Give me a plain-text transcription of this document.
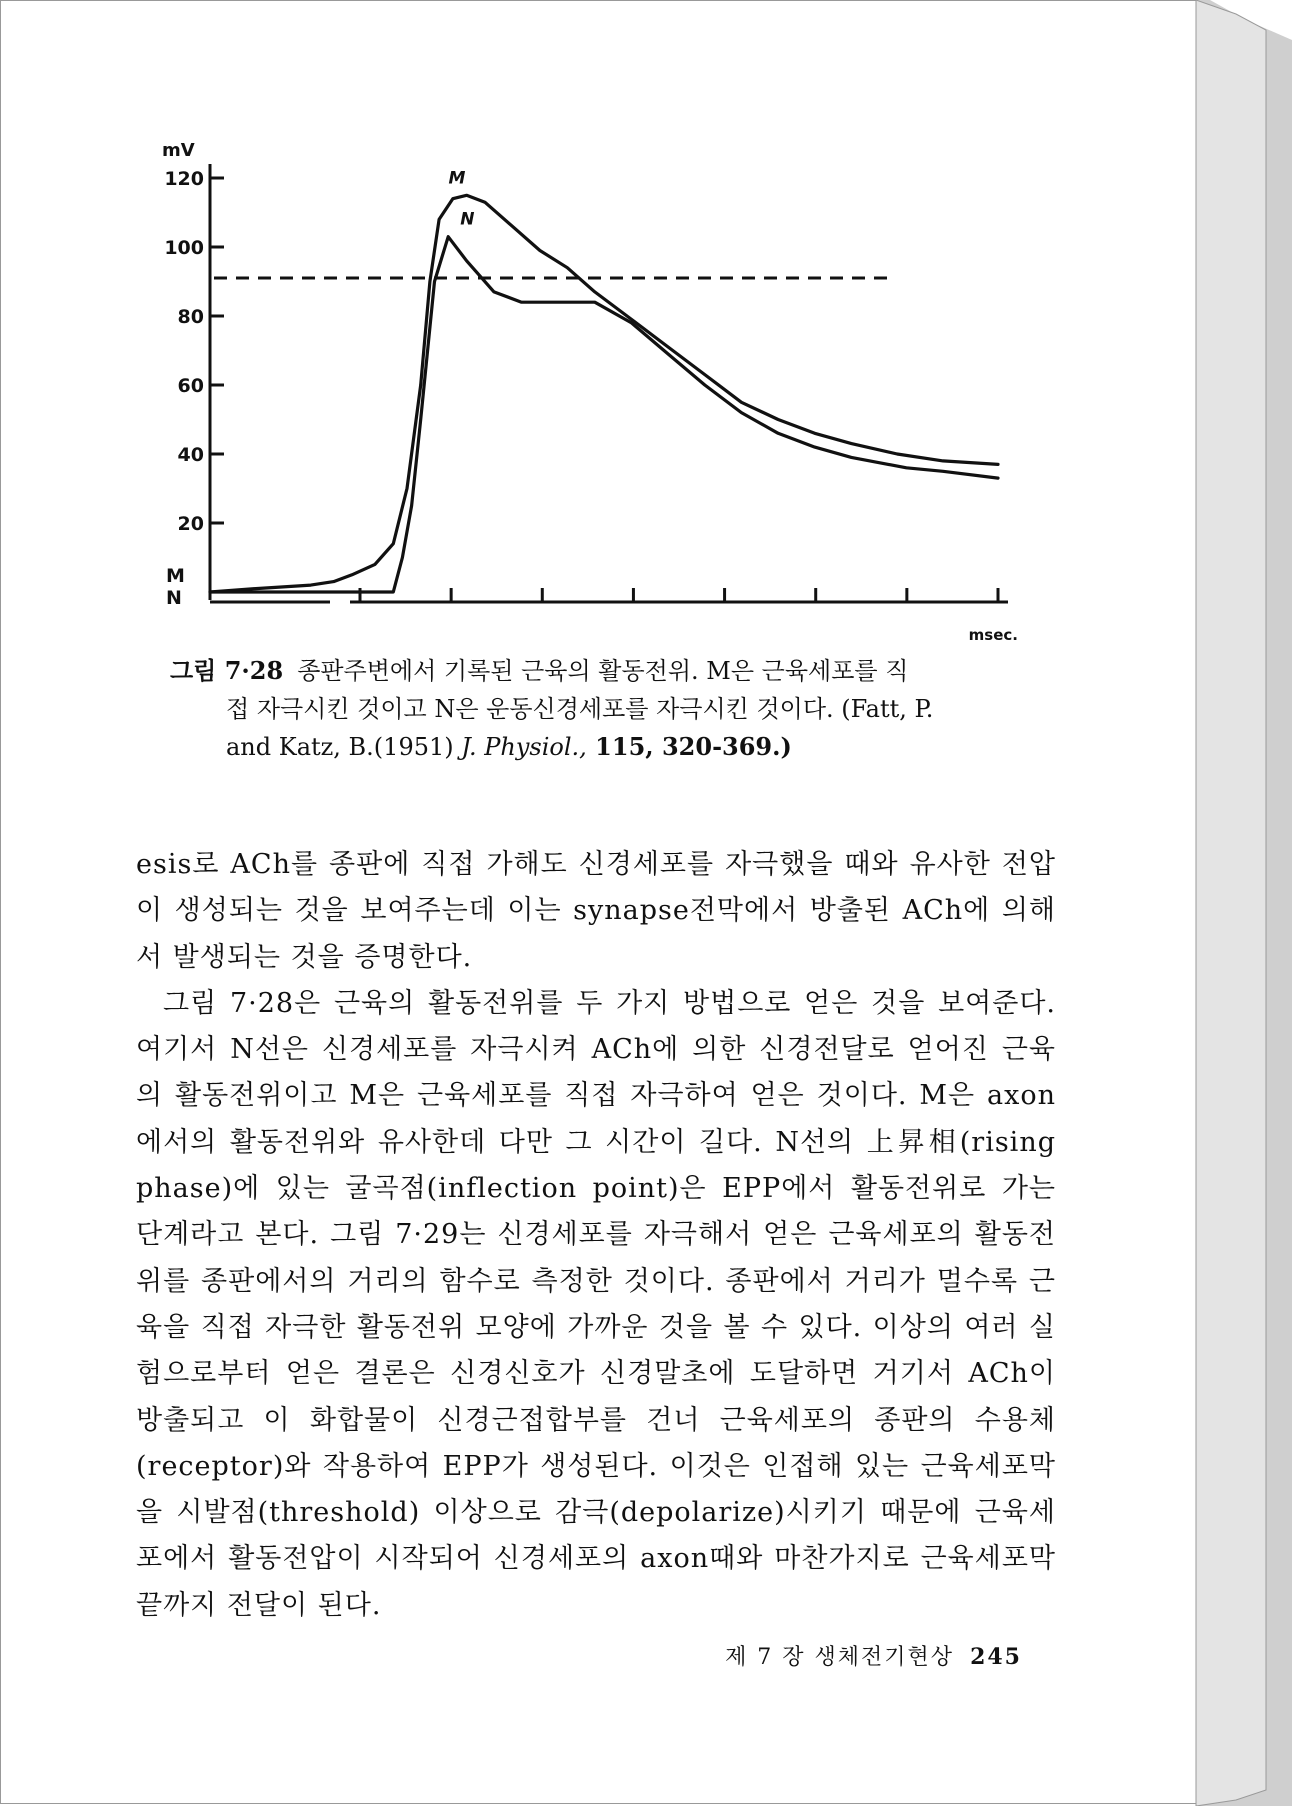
mV
20
40
60
80
100
120
M
N
msec.
M
N
그림 7·28 종판주변에서 기록된 근육의 활동전위. M은 근육세포를 직
접 자극시킨 것이고 N은 운동신경세포를 자극시킨 것이다. (Fatt, P.
and Katz, B.(1951) J. Physiol., 115, 320-369.)

esis로 ACh를 종판에 직접 가해도 신경세포를 자극했을 때와 유사한 전압이 생성되는 것을 보여주는데 이는 synapse전막에서 방출된 ACh에 의해서 발생되는 것을 증명한다.

그림 7·28은 근육의 활동전위를 두 가지 방법으로 얻은 것을 보여준다. 여기서 N선은 신경세포를 자극시켜 ACh에 의한 신경전달로 얻어진 근육의 활동전위이고 M은 근육세포를 직접 자극하여 얻은 것이다. M은 axon에서의 활동전위와 유사한데 다만 그 시간이 길다. N선의 上昇相(rising phase)에 있는 굴곡점(inflection point)은 EPP에서 활동전위로 가는 단계라고 본다. 그림 7·29는 신경세포를 자극해서 얻은 근육세포의 활동전위를 종판에서의 거리의 함수로 측정한 것이다. 종판에서 거리가 멀수록 근육을 직접 자극한 활동전위 모양에 가까운 것을 볼 수 있다. 이상의 여러 실험으로부터 얻은 결론은 신경신호가 신경말초에 도달하면 거기서 ACh이 방출되고 이 화합물이 신경근접합부를 건너 근육세포의 종판의 수용체(receptor)와 작용하여 EPP가 생성된다. 이것은 인접해 있는 근육세포막을 시발점(threshold) 이상으로 감극(depolarize)시키기 때문에 근육세포에서 활동전압이 시작되어 신경세포의 axon때와 마찬가지로 근육세포막 끝까지 전달이 된다.

제 7 장 생체전기현상 245
